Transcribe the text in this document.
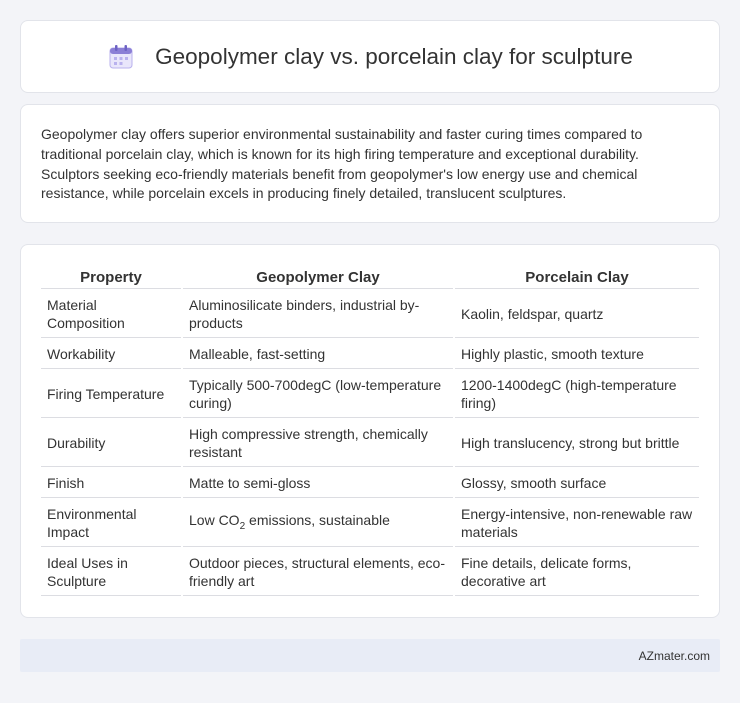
Geopolymer clay vs. porcelain clay for sculpture

Geopolymer clay offers superior environmental sustainability and faster curing times compared to traditional porcelain clay, which is known for its high firing temperature and exceptional durability. Sculptors seeking eco-friendly materials benefit from geopolymer's low energy use and chemical resistance, while porcelain excels in producing finely detailed, translucent sculptures.

Property	Geopolymer Clay	Porcelain Clay
Material Composition	Aluminosilicate binders, industrial by-products	Kaolin, feldspar, quartz
Workability	Malleable, fast-setting	Highly plastic, smooth texture
Firing Temperature	Typically 500-700degC (low-temperature curing)	1200-1400degC (high-temperature firing)
Durability	High compressive strength, chemically resistant	High translucency, strong but brittle
Finish	Matte to semi-gloss	Glossy, smooth surface
Environmental Impact	Low $CO_2$ emissions, sustainable	Energy-intensive, non-renewable raw materials
Ideal Uses in Sculpture	Outdoor pieces, structural elements, eco-friendly art	Fine details, delicate forms, decorative art
AZmater.com
